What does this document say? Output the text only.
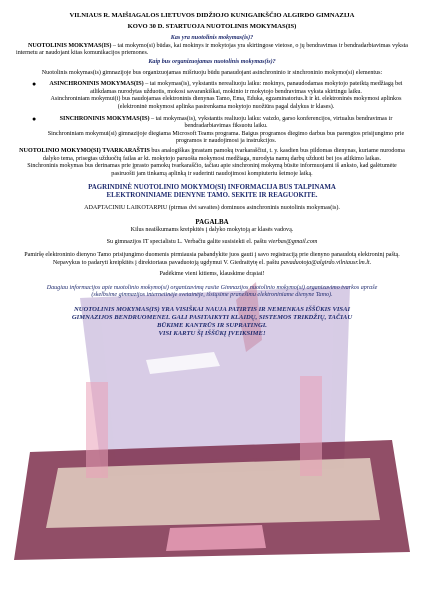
VILNIAUS R. MAIŠIAGALOS LIETUVOS DIDŽIOJO KUNIGAIKŠČIO ALGIRDO GIMNAZIJA

KOVO 30 D. STARTUOJA NUOTOLINIS MOKYMAS(IS)

Kas yra nuotolinis mokymas(is)?

NUOTOLINIS MOKYMAS(IS) – tai mokymo(si) būdas, kai mokinys ir mokytojas yra skirtingose vietose, o jų bendravimas ir bendradarbiavimas vyksta internetu ar naudojant kitas komunikacijos priemones.

Kaip bus organizuojamas nuotolinis mokymas(is)?

Nuotolinis mokymas(is) gimnazijoje bus organizuojamas mišriuoju būdu panaudojant asinchroninio ir sinchroninio mokymo(si) elementus:

●	ASINCHRONINIS MOKYMAS(IS) – tai mokymas(is), vykstantis nerealiuoju laiku: mokinys, panaudodamas mokytojo pateiktą medžiagą bei atlikdamas nurodytas užduotis, mokosi savarankiškai, mokinio ir mokytojo bendravimas vyksta skirtingu laiku.
Asinchroniniam mokymui(i) bus naudojamas elektroninis dienynas Tamo, Ema, Eduka, egzaminatorius.lt ir kt. elektroninės mokymosi aplinkos (elektroninė mokymosi aplinka pasirenkama mokytojo nuožiūra pagal dalykus ir klases).
●	SINCHRONINIS MOKYMAS(IS) – tai mokymas(is), vykstantis realiuoju laiku: vaizdo, garso konferencijos, virtualus bendravimas ir bendradarbiavimas fiksuotu laiku.
Sinchroniniam mokymui(si) gimnazijoje diegiama Microsoft Teams programa. Baigus programos diegimo darbus bus parengtos prisijungimo prie programos ir naudojimosi ja instrukcijos.

NUOTOLINIO MOKYMO(SI) TVARKARAŠTIS bus analogiškas įprastam pamokų tvarkaraščiui, t. y. kasdien bus pildomas dienynas, kuriame nurodoma dalyko tema, prisegtas užduočių failas ar kt. mokytojo paruošta mokymosi medžiaga, nurodyta namų darbų užduoti bei jos atlikimo laikas.
Sinchroninis mokymas bus derinamas prie įprasto pamokų tvarkaraščio, tačiau apie sinchroninį mokymą būsite informuojami iš anksto, kad galėtumėte pasiruošti jam tinkamą aplinką ir suderinti naudojimosi kompiuteriu šeimoje laiką.

PAGRINDINĖ NUOTOLINIO MOKYMO(SI) INFORMACIJA BUS TALPINAMA

ELEKTRONINIAME DIENYNE TAMO. SEKITE IR REAGUOKITE.

ADAPTACINIU LAIKOTARPIU (pirmas dvi savaites) dominuos asinchroninis nuotolinis mokymas(is).

PAGALBA

Kilus neaiškumams kreipkitės į dalyko mokytoją ar klasės vadovą.

Su gimnazijos IT specialistu L. Verbačiu galite susisiekti el. paštu vierbas@gmail.com

Pamiršę elektroninio dienyno Tamo prisijungimo duomenis pirmiausia pabandykite juos gauti į savo registraciją prie dienyno panaudotą elektroninį paštą. Nepavykus to padaryti kreipkitės į direktoriaus pavaduotoją ugdymui V. Giedraitytę el. paštu pavaduotoja@algirdo.vilniausr.lm.lt.

Padėkime vieni kitiems, klauskime drąsiai!

Daugiau informacijos apie nuotolinio mokymo(si) organizavimą rasite Gimnazijos nuotolinio mokymo(si) organizavimo tvarkos apraše (skelbsime gimnazijos internetinėje svetainėje, išsiųsime pranešimu elektroniniame dienyne Tamo).

NUOTOLINIS MOKYMAS(IS) YRA VISIŠKAI NAUJA PATIRTIS IR NEMENKAS IŠŠŪKIS VISAI

GIMNAZIJOS BENDRUOMENEI. GALI PASITAIKYTI KLAIDŲ, SISTEMOS TRIKDŽIŲ, TAČIAU

BŪKIME KANTRŪS IR SUPRATINGI.

VISI KARTU ŠĮ IŠŠŪKĮ ĮVEIKSIME!
